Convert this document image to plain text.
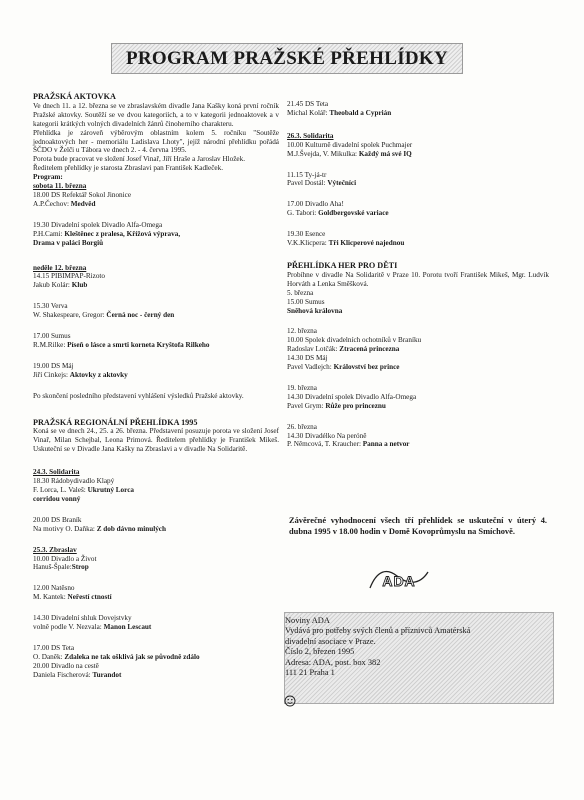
PROGRAM PRAŽSKÉ PŘEHLÍDKY

PRAŽSKÁ AKTOVKA

Ve dnech 11. a 12. března se ve zbraslavském divadle Jana Kašky koná první ročník Pražské aktovky. Soutěží se ve dvou kategoriích, a to v kategorii jednoaktovek a v kategorii krátkých volných divadelních žánrů činoherního charakteru.

Přehlídka je zároveň výběrovým oblastním kolem 5. ročníku "Soutěže jednoaktových her - memoriálu Ladislava Lhoty", jejíž národní přehlídku pořádá ŠČDO v Želči u Tábora ve dnech 2. - 4. června 1995.

Porota bude pracovat ve složení Josef Vinař, Jiří Hraše a Jaroslav Hložek.

Ředitelem přehlídky je starosta Zbraslavi pan František Kadleček.

Program:

sobota 11. března

18.00 DS Refektář Sokol Jinonice

A.P.Čechov: Medvěd

19.30 Divadelní spolek Divadlo Alfa-Omega

P.H.Cami: Kleštěnec z pralesa, Křížová výprava,

Drama v paláci Borgiů

neděle 12. března

14.15 PIBIMPAP-Rizoto

Jakub Kolár: Klub

15.30 Verva

W. Shakespeare, Gregor: Černá noc - černý den

17.00 Sumus

R.M.Rilke: Píseň o lásce a smrti korneta Kryštofa Rilkeho

19.00 DS Máj

Jiří Cinkejs: Aktovky z aktovky

Po skončení posledního představení vyhlášení výsledků Pražské aktovky.

PRAŽSKÁ REGIONÁLNÍ PŘEHLÍDKA 1995

Koná se ve dnech 24., 25. a 26. března. Představení posuzuje porota ve složení Josef Vinař, Milan Schejbal, Leona Primová. Ředitelem přehlídky je František Mikeš. Uskuteční se v Divadle Jana Kašky na Zbraslavi a v divadle Na Solidaritě.

24.3. Solidarita

18.30 Rádobydivadlo Klapý

F. Lorca, L. Valeš: Ukrutný Lorca

corridou vonný

20.00 DS Braník

Na motivy O. Daňka: Z dob dávno minulých

25.3. Zbraslav

10.00 Divadlo a Život

Hanuš-Špale:Strop

12.00 Natěsno

M. Kantek: Neřestí ctností

14.30 Divadelní shluk Dovejstvky

volně podle V. Nezvala: Manon Lescaut

17.00 DS Teta

O. Daněk: Zdaleka ne tak ošklivá jak se původně zdálo

20.00 Divadlo na cestě

Daniela Fischerová: Turandot

21.45 DS Teta

Michal Kolář: Theobald a Cyprián

26.3. Solidarita

10.00 Kulturně divadelní spolek Puchmajer

M.J.Švejda, V. Mikulka: Každý má své IQ

11.15 Ty-já-tr

Pavel Dostál: Výtečníci

17.00 Divadlo Aha!

G. Tabori: Goldbergovské variace

19.30 Esence

V.K.Klicpera: Tři Klicperové najednou

PŘEHLÍDKA HER PRO DĚTI

Probíhne v divadle Na Solidaritě v Praze 10. Porotu tvoří František Mikeš, Mgr. Ludvík Horváth a Lenka Směšková.

5. března

15.00 Sumus

Sněhová královna

12. března

10.00 Spolek divadelních ochotníků v Braníku

Radoslav Lotčák: Ztracená princezna

14.30 DS Máj

Pavel Vadlejch: Království bez prince

19. března

14.30 Divadelní spolek Divadlo Alfa-Omega

Pavel Grym: Růže pro princeznu

26. března

14.30 Divadélko Na peróně

P. Němcová, T. Kraucher: Panna a netvor

Závěrečné vyhodnocení všech tří přehlídek se uskuteční v úterý 4. dubna 1995 v 18.00 hodin v Domě Kovoprůmyslu na Smíchově.

ADA

Noviny ADA

Vydává pro potřeby svých členů a příznivců Amatérská

divadelní asociace v Praze.

Číslo 2, březen 1995

Adresa: ADA, post. box 382

111 21 Praha 1
